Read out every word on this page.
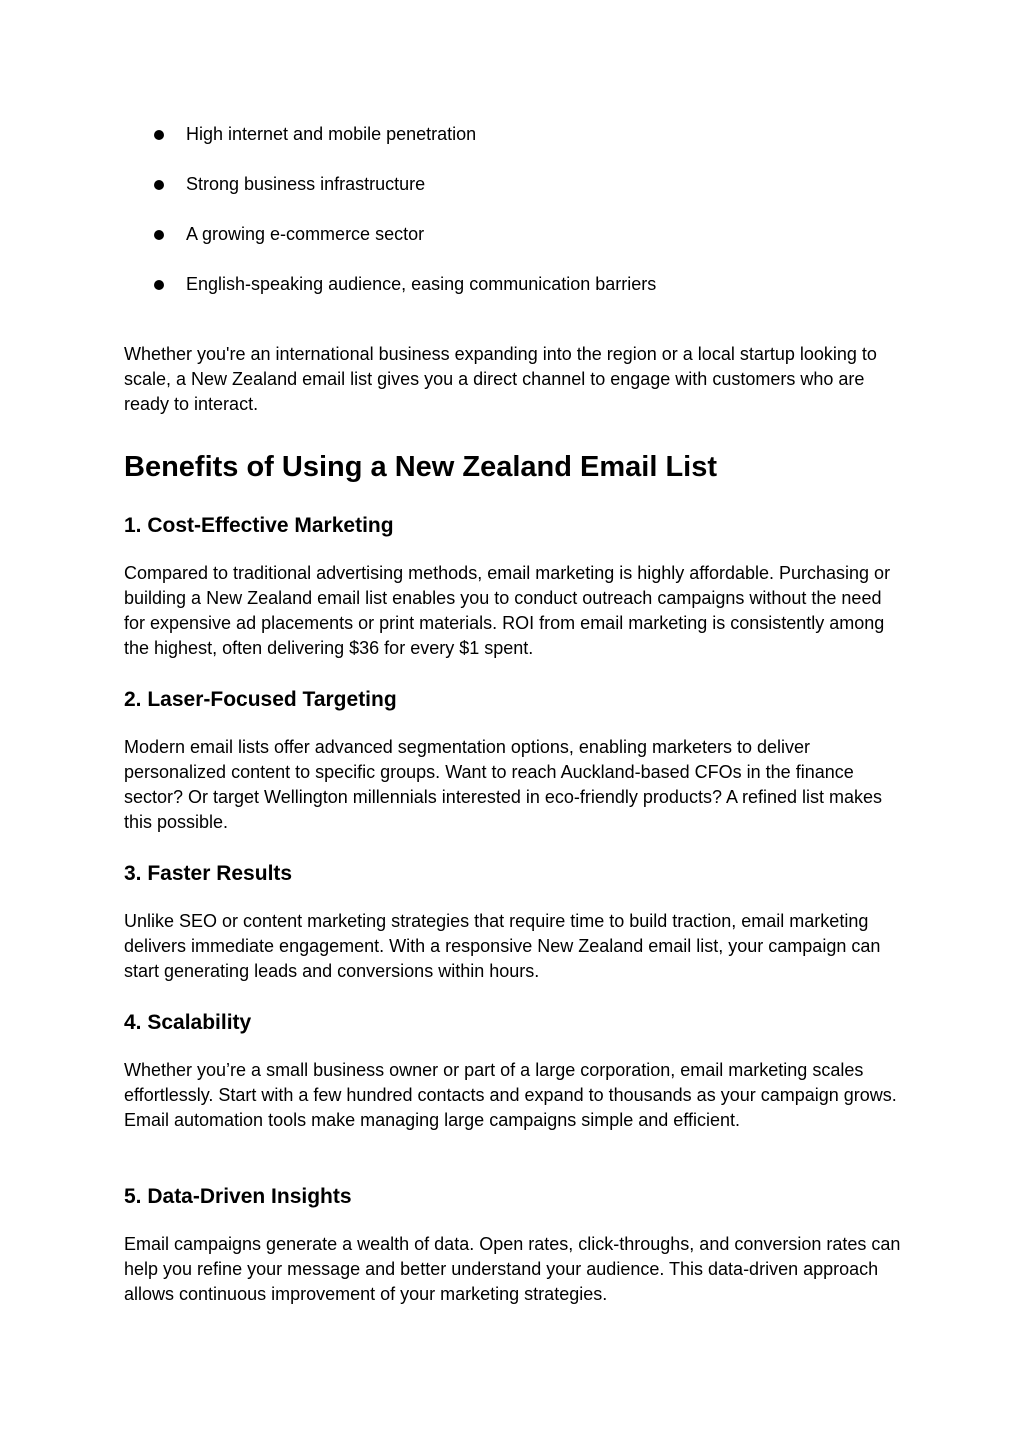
High internet and mobile penetration
Strong business infrastructure
A growing e-commerce sector
English-speaking audience, easing communication barriers

Whether you're an international business expanding into the region or a local startup looking to scale, a New Zealand email list gives you a direct channel to engage with customers who are ready to interact.

Benefits of Using a New Zealand Email List
1. Cost-Effective Marketing

Compared to traditional advertising methods, email marketing is highly affordable. Purchasing or building a New Zealand email list enables you to conduct outreach campaigns without the need for expensive ad placements or print materials. ROI from email marketing is consistently among the highest, often delivering $36 for every $1 spent.

2. Laser-Focused Targeting

Modern email lists offer advanced segmentation options, enabling marketers to deliver personalized content to specific groups. Want to reach Auckland-based CFOs in the finance sector? Or target Wellington millennials interested in eco-friendly products? A refined list makes this possible.

3. Faster Results

Unlike SEO or content marketing strategies that require time to build traction, email marketing delivers immediate engagement. With a responsive New Zealand email list, your campaign can start generating leads and conversions within hours.

4. Scalability

Whether you’re a small business owner or part of a large corporation, email marketing scales effortlessly. Start with a few hundred contacts and expand to thousands as your campaign grows. Email automation tools make managing large campaigns simple and efficient.

5. Data-Driven Insights

Email campaigns generate a wealth of data. Open rates, click-throughs, and conversion rates can help you refine your message and better understand your audience. This data-driven approach allows continuous improvement of your marketing strategies.
